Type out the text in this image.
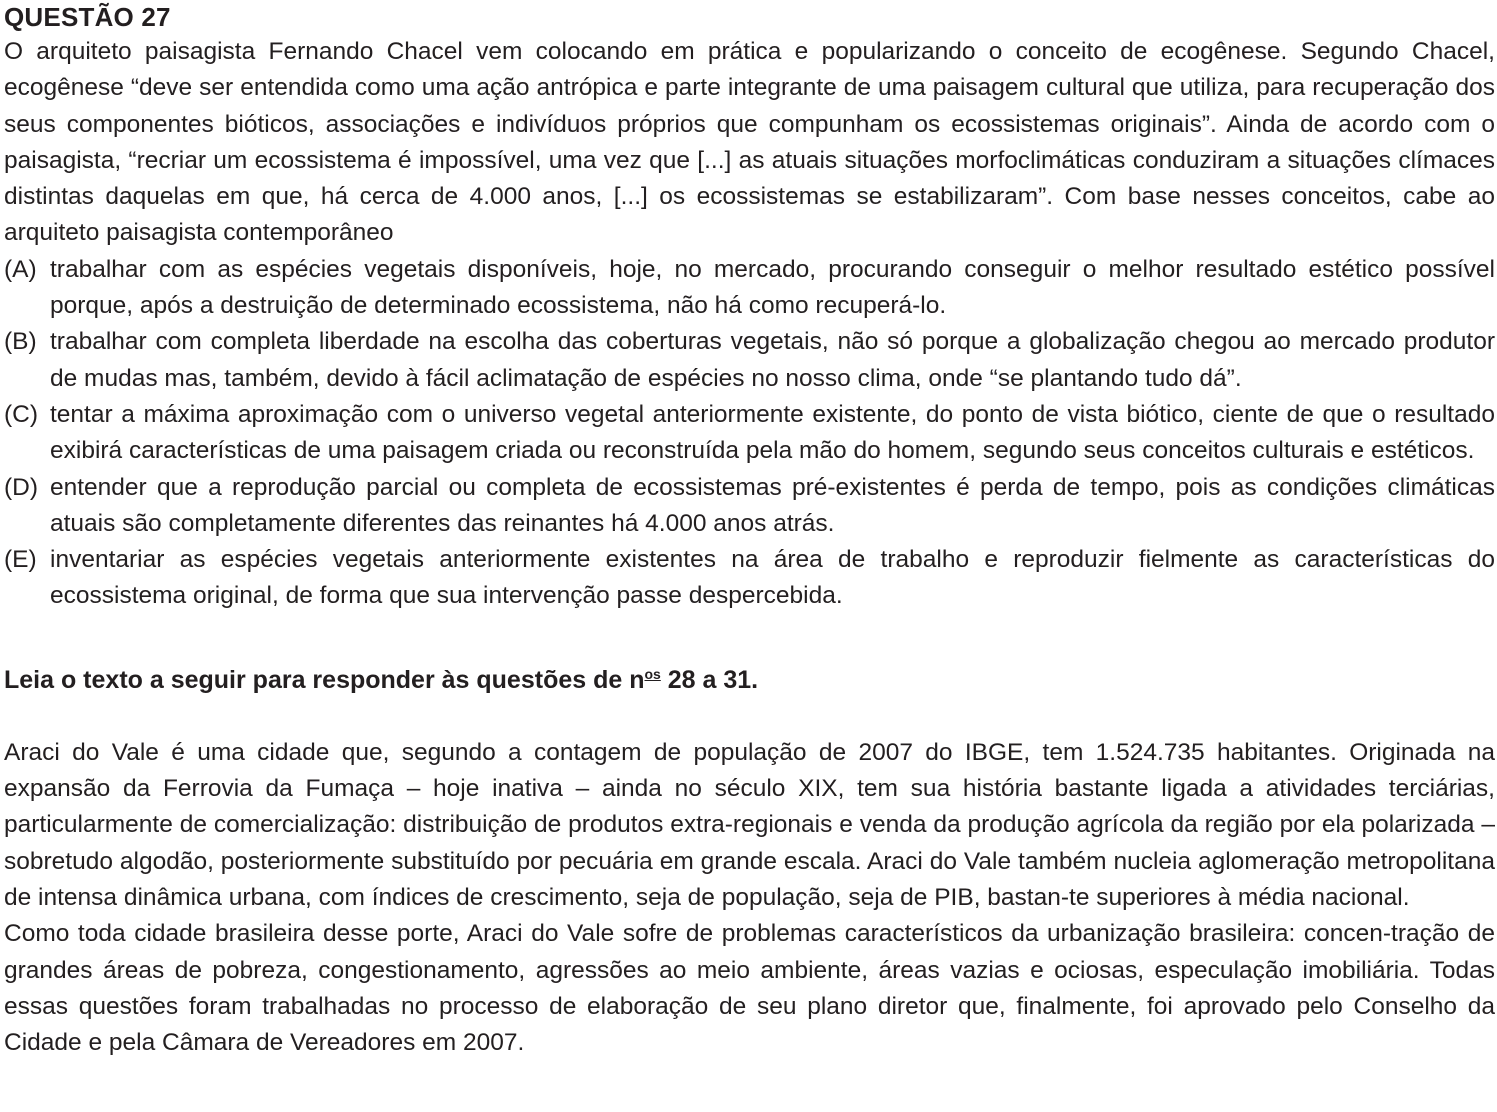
QUESTÃO 27

O arquiteto paisagista Fernando Chacel vem colocando em prática e popularizando o conceito de ecogênese. Segundo Chacel, ecogênese “deve ser entendida como uma ação antrópica e parte integrante de uma paisagem cultural que utiliza, para recuperação dos seus componentes bióticos, associações e indivíduos próprios que compunham os ecossistemas originais”. Ainda de acordo com o paisagista, “recriar um ecossistema é impossível, uma vez que [...] as atuais situações morfoclimáticas conduziram a situações clímaces distintas daquelas em que, há cerca de 4.000 anos, [...] os ecossistemas se estabilizaram”. Com base nesses conceitos, cabe ao arquiteto paisagista contemporâneo

(A) trabalhar com as espécies vegetais disponíveis, hoje, no mercado, procurando conseguir o melhor resultado estético possível porque, após a destruição de determinado ecossistema, não há como recuperá-lo.
(B) trabalhar com completa liberdade na escolha das coberturas vegetais, não só porque a globalização chegou ao mercado produtor de mudas mas, também, devido à fácil aclimatação de espécies no nosso clima, onde “se plantando tudo dá”.
(C) tentar a máxima aproximação com o universo vegetal anteriormente existente, do ponto de vista biótico, ciente de que o resultado exibirá características de uma paisagem criada ou reconstruída pela mão do homem, segundo seus conceitos culturais e estéticos.
(D) entender que a reprodução parcial ou completa de ecossistemas pré-existentes é perda de tempo, pois as condições climáticas atuais são completamente diferentes das reinantes há 4.000 anos atrás.
(E) inventariar as espécies vegetais anteriormente existentes na área de trabalho e reproduzir fielmente as características do ecossistema original, de forma que sua intervenção passe despercebida.
Leia o texto a seguir para responder às questões de $n^{os}$ 28 a 31.

Araci do Vale é uma cidade que, segundo a contagem de população de 2007 do IBGE, tem 1.524.735 habitantes. Originada na expansão da Ferrovia da Fumaça – hoje inativa – ainda no século XIX, tem sua história bastante ligada a atividades terciárias, particularmente de comercialização: distribuição de produtos extra-regionais e venda da produção agrícola da região por ela polarizada – sobretudo algodão, posteriormente substituído por pecuária em grande escala. Araci do Vale também nucleia aglomeração metropolitana de intensa dinâmica urbana, com índices de crescimento, seja de população, seja de PIB, bastan-te superiores à média nacional.

Como toda cidade brasileira desse porte, Araci do Vale sofre de problemas característicos da urbanização brasileira: concen-tração de grandes áreas de pobreza, congestionamento, agressões ao meio ambiente, áreas vazias e ociosas, especulação imobiliária. Todas essas questões foram trabalhadas no processo de elaboração de seu plano diretor que, finalmente, foi aprovado pelo Conselho da Cidade e pela Câmara de Vereadores em 2007.
